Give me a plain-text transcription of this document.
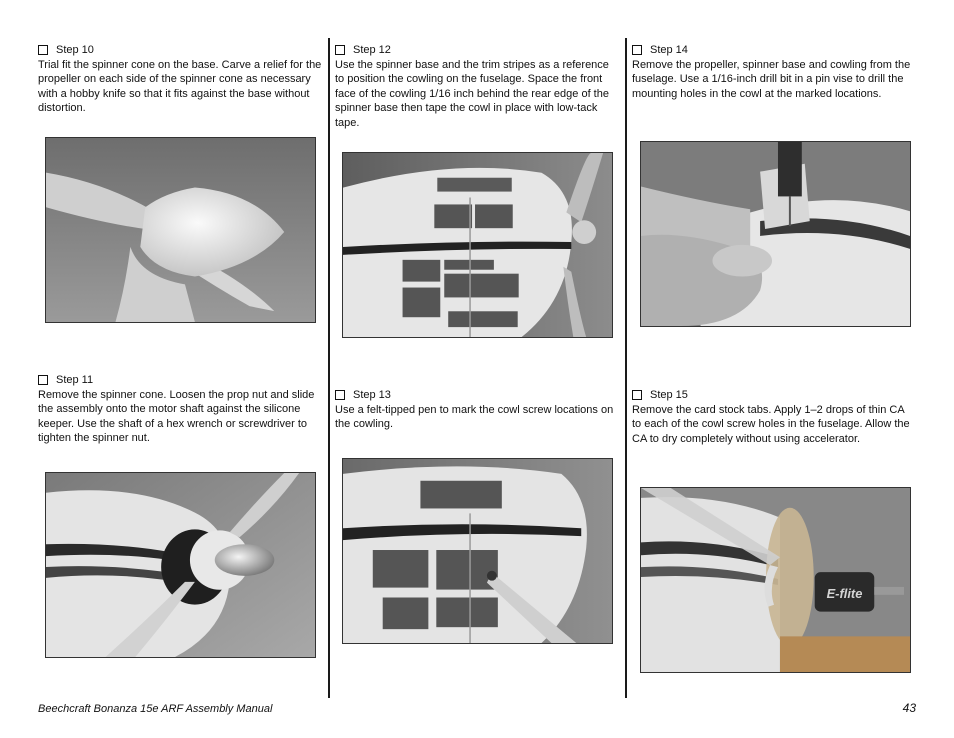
Step 10
Trial fit the spinner cone on the base. Carve a relief for the propeller on each side of the spinner cone as necessary with a hobby knife so that it fits against the base without distortion.
Step 11
Remove the spinner cone. Loosen the prop nut and slide the assembly onto the motor shaft against the silicone keeper. Use the shaft of a hex wrench or screwdriver to tighten the spinner nut.
Step 12
Use the spinner base and the trim stripes as a reference to position the cowling on the fuselage. Space the front face of the cowling 1/16 inch behind the rear edge of the spinner base then tape the cowl in place with low-tack tape.
Step 13
Use a felt-tipped pen to mark the cowl screw locations on the cowling.
Step 14
Remove the propeller, spinner base and cowling from the fuselage. Use a 1/16-inch drill bit in a pin vise to drill the mounting holes in the cowl at the marked locations.
Step 15
Remove the card stock tabs. Apply 1–2 drops of thin CA to each of the cowl screw holes in the fuselage. Allow the CA to dry completely without using accelerator.
E-flite
Beechcraft Bonanza 15e ARF Assembly Manual	43
